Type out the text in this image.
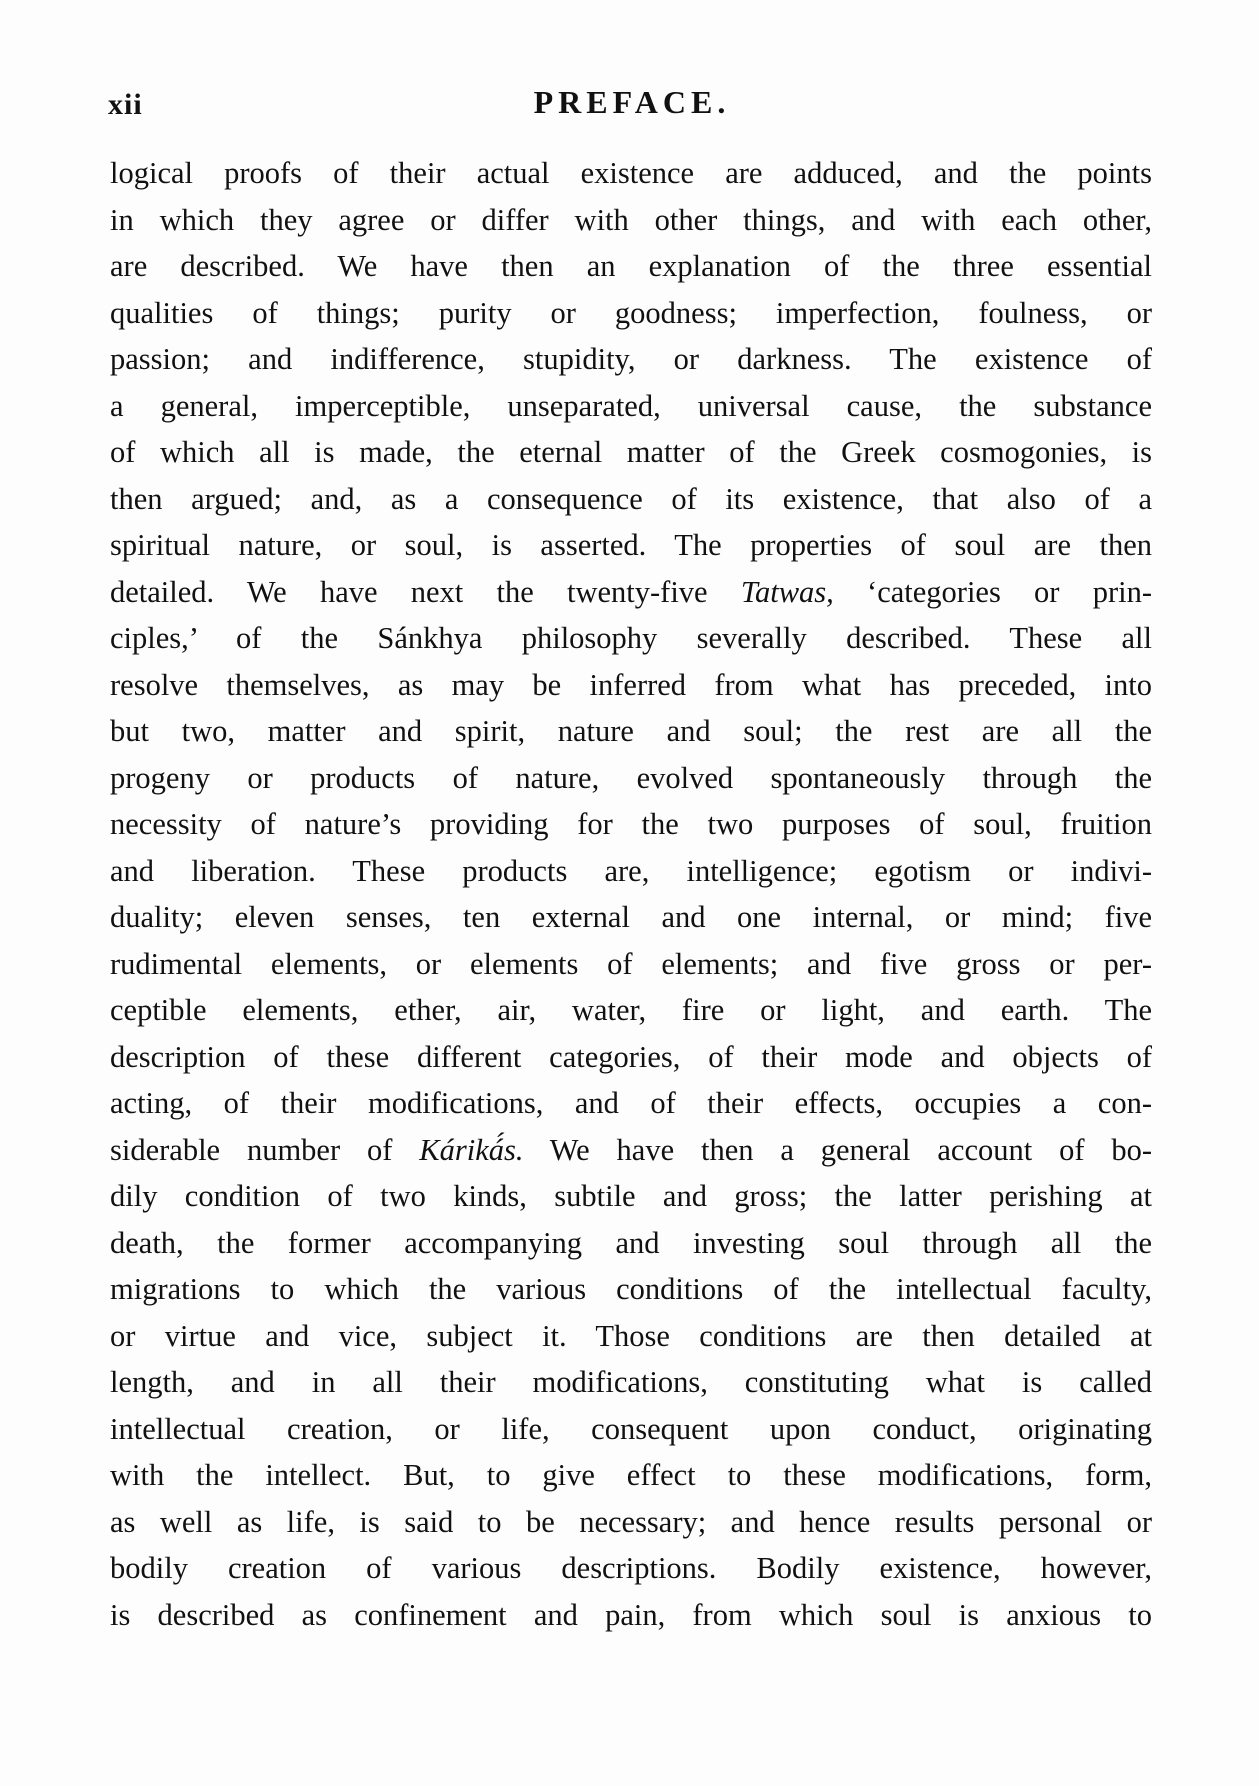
xii	PREFACE.
logical proofs of their actual existence are adduced, and the points
in which they agree or differ with other things, and with each other,
are described. We have then an explanation of the three essential
qualities of things; purity or goodness; imperfection, foulness, or
passion; and indifference, stupidity, or darkness. The existence of
a general, imperceptible, unseparated, universal cause, the substance
of which all is made, the eternal matter of the Greek cosmogonies, is
then argued; and, as a consequence of its existence, that also of a
spiritual nature, or soul, is asserted. The properties of soul are then
detailed. We have next the twenty-five Tatwas, ‘categories or prin-
ciples,’ of the Sánkhya philosophy severally described. These all
resolve themselves, as may be inferred from what has preceded, into
but two, matter and spirit, nature and soul; the rest are all the
progeny or products of nature, evolved spontaneously through the
necessity of nature’s providing for the two purposes of soul, fruition
and liberation. These products are, intelligence; egotism or indivi-
duality; eleven senses, ten external and one internal, or mind; five
rudimental elements, or elements of elements; and five gross or per-
ceptible elements, ether, air, water, fire or light, and earth. The
description of these different categories, of their mode and objects of
acting, of their modifications, and of their effects, occupies a con-
siderable number of Káriká́s. We have then a general account of bo-
dily condition of two kinds, subtile and gross; the latter perishing at
death, the former accompanying and investing soul through all the
migrations to which the various conditions of the intellectual faculty,
or virtue and vice, subject it. Those conditions are then detailed at
length, and in all their modifications, constituting what is called
intellectual creation, or life, consequent upon conduct, originating
with the intellect. But, to give effect to these modifications, form,
as well as life, is said to be necessary; and hence results personal or
bodily creation of various descriptions. Bodily existence, however,
is described as confinement and pain, from which soul is anxious to
